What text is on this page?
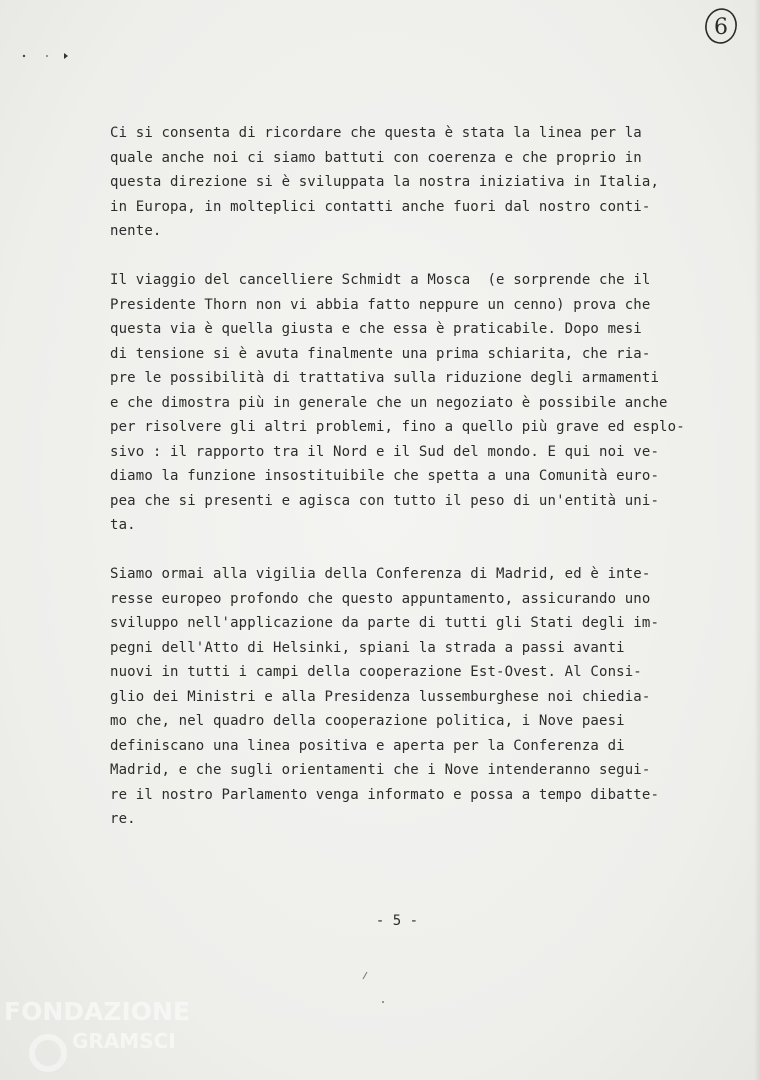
6
Ci si consenta di ricordare che questa è stata la linea per la
quale anche noi ci siamo battuti con coerenza e che proprio in
questa direzione si è sviluppata la nostra iniziativa in Italia,
in Europa, in molteplici contatti anche fuori dal nostro conti-
nente.
Il viaggio del cancelliere Schmidt a Mosca  (e sorprende che il
Presidente Thorn non vi abbia fatto neppure un cenno) prova che
questa via è quella giusta e che essa è praticabile. Dopo mesi
di tensione si è avuta finalmente una prima schiarita, che ria-
pre le possibilità di trattativa sulla riduzione degli armamenti
e che dimostra più in generale che un negoziato è possibile anche
per risolvere gli altri problemi, fino a quello più grave ed esplo-
sivo : il rapporto tra il Nord e il Sud del mondo. E qui noi ve-
diamo la funzione insostituibile che spetta a una Comunità euro-
pea che si presenti e agisca con tutto il peso di un'entità uni-
ta.
Siamo ormai alla vigilia della Conferenza di Madrid, ed è inte-
resse europeo profondo che questo appuntamento, assicurando uno
sviluppo nell'applicazione da parte di tutti gli Stati degli im-
pegni dell'Atto di Helsinki, spiani la strada a passi avanti
nuovi in tutti i campi della cooperazione Est-Ovest. Al Consi-
glio dei Ministri e alla Presidenza lussemburghese noi chiedia-
mo che, nel quadro della cooperazione politica, i Nove paesi
definiscano una linea positiva e aperta per la Conferenza di
Madrid, e che sugli orientamenti che i Nove intenderanno segui-
re il nostro Parlamento venga informato e possa a tempo dibatte-
re.
- 5 -
FONDAZIONE
GRAMSCI
